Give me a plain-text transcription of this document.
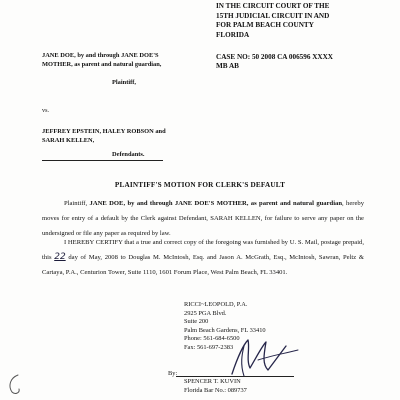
IN THE CIRCUIT COURT OF THE
15TH JUDICIAL CIRCUIT IN AND
FOR PALM BEACH COUNTY
FLORIDA
JANE DOE, by and through JANE DOE'S
MOTHER, as parent and natural guardian,
Plaintiff,
CASE NO: 50 2008 CA 006596 XXXX
MB AB
vs.
JEFFREY EPSTEIN, HALEY ROBSON and
SARAH KELLEN,
Defendants.
PLAINTIFF'S MOTION FOR CLERK'S DEFAULT

Plaintiff, JANE DOE, by and through JANE DOE'S MOTHER, as parent and natural guardian, hereby moves for entry of a default by the Clerk against Defendant, SARAH KELLEN, for failure to serve any paper on the undersigned or file any paper as required by law.

I HEREBY CERTIFY that a true and correct copy of the foregoing was furnished by U. S. Mail, postage prepaid, this 22 day of May, 2008 to Douglas M. McIntosh, Esq. and Jason A. McGrath, Esq., McIntosh, Sawran, Peltz & Cartaya, P.A., Centurion Tower, Suite 1110, 1601 Forum Place, West Palm Beach, FL 33401.

RICCI~LEOPOLD, P.A.
2925 PGA Blvd.
Suite 200
Palm Beach Gardens, FL 33410
Phone: 561-684-6500
Fax: 561-697-2383
By:
SPENCER T. KUVIN
Florida Bar No.: 089737
